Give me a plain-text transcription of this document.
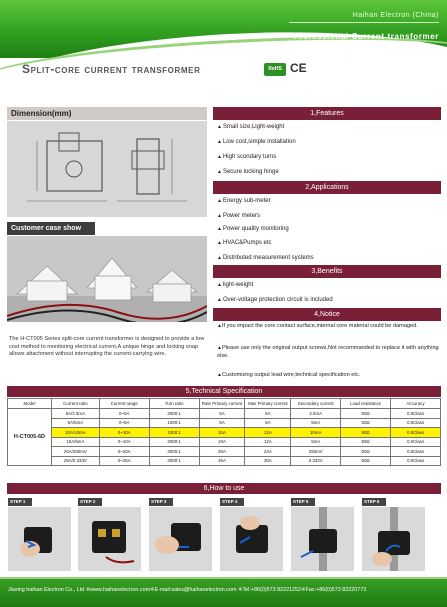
Haihan Electron (China)
Professional Current transformer
Split-core current transformer	RoHS CE
Dimension(mm)
Customer case show
The H-CT005 Series split-core current transformer is designed to provide a low cost method to monitoring electrical current,A unique hinge and locking snap allows attachment without interrupting the current-carrying wire.
1,Features
▲Small size,Light-weight
▲Low cost,simple installation
▲High scondary turns
▲Secure locking hinge
2,Applications
▲Energy sub-meter
▲Power meters
▲Power quality monitoring
▲HVAC&Pumps etc
▲Distributed measurement systems
3,Benefits
▲light-weight
▲Over-voltage protection circuit is included
4,Notice
▲If you impact the core contact surface,internal core material could be damaged.
▲Please use only the original output screws,Not recommanded to replace it with anything else.
▲Customizing output lead wire,technical specification etc.
5,Technical Specification
Model	Current ratio	Current range	Turn ratio	Rate Primary current	Max Primary current	Secondary current	Load resistance	Accuracy
H-CT005-6D	5A/2.5mA	0~5A	2000:1	5A	6A	2.5mA	50Ω	0.5Class
	5A/5mA	0~5A	1000:1	5A	6A	5mA	50Ω	0.5Class
	10A/10mA	0~10A	1000:1	10A	12A	10mA	50Ω	0.5Class
	10A/5mA	0~10A	2000:1	10A	12A	5mA	50Ω	0.5Class
	20A/250mV	0~20A	3000:1	20A	24A	250mV	50Ω	0.5Class
	25A/0.333V	0~25A	3000:1	25A	30A	0.333V	50Ω	0.5Class
6,How to use
STEP 1	STEP 2	STEP 3	STEP 4	STEP 5	STEP 6
Jiaxing haihan Electron Co., Ltd ※www.haihanelectron.com※E-mail:sales@haihanelectron.com ※Tel:+86(0)573 82221252※Fax:+86(0)573 82220773
